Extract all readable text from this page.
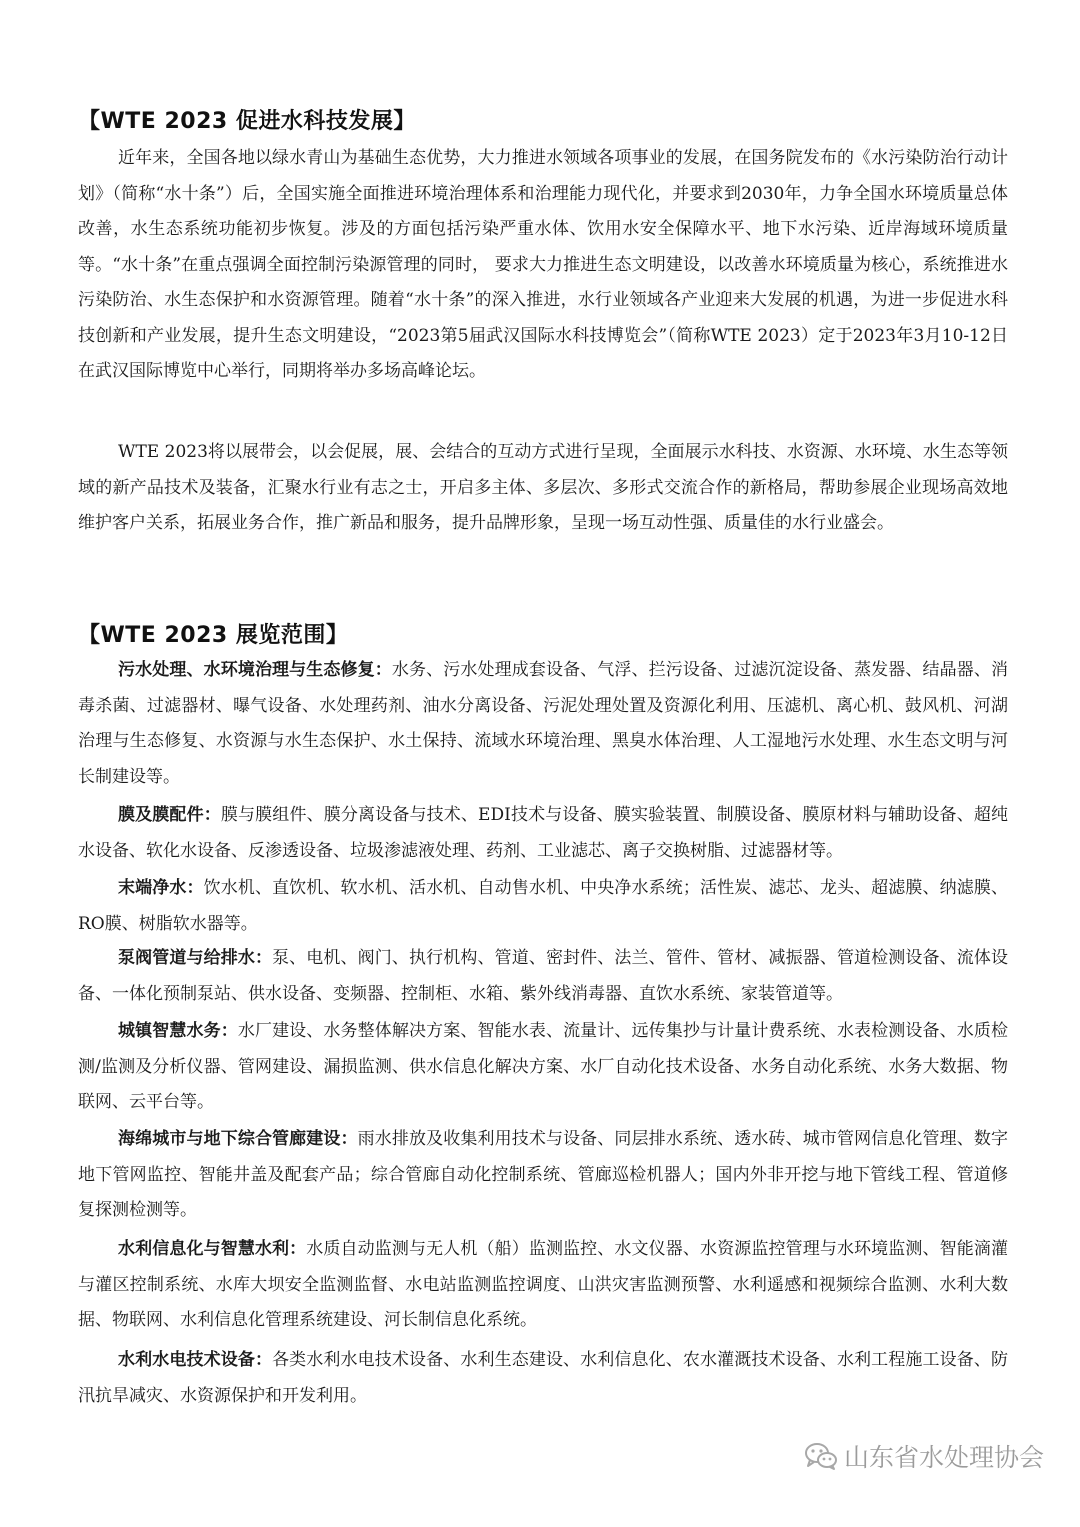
【WTE 2023 促进水科技发展】

近年来，全国各地以绿水青山为基础生态优势，大力推进水领域各项事业的发展，在国务院发布的《水污染防治行动计划》（简称“水十条”）后，全国实施全面推进环境治理体系和治理能力现代化，并要求到2030年，力争全国水环境质量总体改善，水生态系统功能初步恢复。涉及的方面包括污染严重水体、饮用水安全保障水平、地下水污染、近岸海域环境质量等。“水十条”在重点强调全面控制污染源管理的同时， 要求大力推进生态文明建设，以改善水环境质量为核心，系统推进水污染防治、水生态保护和水资源管理。随着“水十条”的深入推进，水行业领域各产业迎来大发展的机遇，为进一步促进水科技创新和产业发展，提升生态文明建设，“2023第5届武汉国际水科技博览会”（简称WTE 2023）定于2023年3月10-12日在武汉国际博览中心举行，同期将举办多场高峰论坛。

WTE 2023将以展带会，以会促展，展、会结合的互动方式进行呈现，全面展示水科技、水资源、水环境、水生态等领域的新产品技术及装备，汇聚水行业有志之士，开启多主体、多层次、多形式交流合作的新格局，帮助参展企业现场高效地维护客户关系，拓展业务合作，推广新品和服务，提升品牌形象，呈现一场互动性强、质量佳的水行业盛会。

【WTE 2023 展览范围】

污水处理、水环境治理与生态修复：水务、污水处理成套设备、气浮、拦污设备、过滤沉淀设备、蒸发器、结晶器、消毒杀菌、过滤器材、曝气设备、水处理药剂、油水分离设备、污泥处理处置及资源化利用、压滤机、离心机、鼓风机、河湖治理与生态修复、水资源与水生态保护、水土保持、流域水环境治理、黑臭水体治理、人工湿地污水处理、水生态文明与河长制建设等。

膜及膜配件：膜与膜组件、膜分离设备与技术、EDI技术与设备、膜实验装置、制膜设备、膜原材料与辅助设备、超纯水设备、软化水设备、反渗透设备、垃圾渗滤液处理、药剂、工业滤芯、离子交换树脂、过滤器材等。

末端净水：饮水机、直饮机、软水机、活水机、自动售水机、中央净水系统；活性炭、滤芯、龙头、超滤膜、纳滤膜、RO膜、树脂软水器等。

泵阀管道与给排水：泵、电机、阀门、执行机构、管道、密封件、法兰、管件、管材、减振器、管道检测设备、流体设备、一体化预制泵站、供水设备、变频器、控制柜、水箱、紫外线消毒器、直饮水系统、家装管道等。

城镇智慧水务：水厂建设、水务整体解决方案、智能水表、流量计、远传集抄与计量计费系统、水表检测设备、水质检测/监测及分析仪器、管网建设、漏损监测、供水信息化解决方案、水厂自动化技术设备、水务自动化系统、水务大数据、物联网、云平台等。

海绵城市与地下综合管廊建设：雨水排放及收集利用技术与设备、同层排水系统、透水砖、城市管网信息化管理、数字地下管网监控、智能井盖及配套产品；综合管廊自动化控制系统、管廊巡检机器人；国内外非开挖与地下管线工程、管道修复探测检测等。

水利信息化与智慧水利：水质自动监测与无人机（船）监测监控、水文仪器、水资源监控管理与水环境监测、智能滴灌与灌区控制系统、水库大坝安全监测监督、水电站监测监控调度、山洪灾害监测预警、水利遥感和视频综合监测、水利大数据、物联网、水利信息化管理系统建设、河长制信息化系统。

水利水电技术设备：各类水利水电技术设备、水利生态建设、水利信息化、农水灌溉技术设备、水利工程施工设备、防汛抗旱减灾、水资源保护和开发利用。

山东省水处理协会
